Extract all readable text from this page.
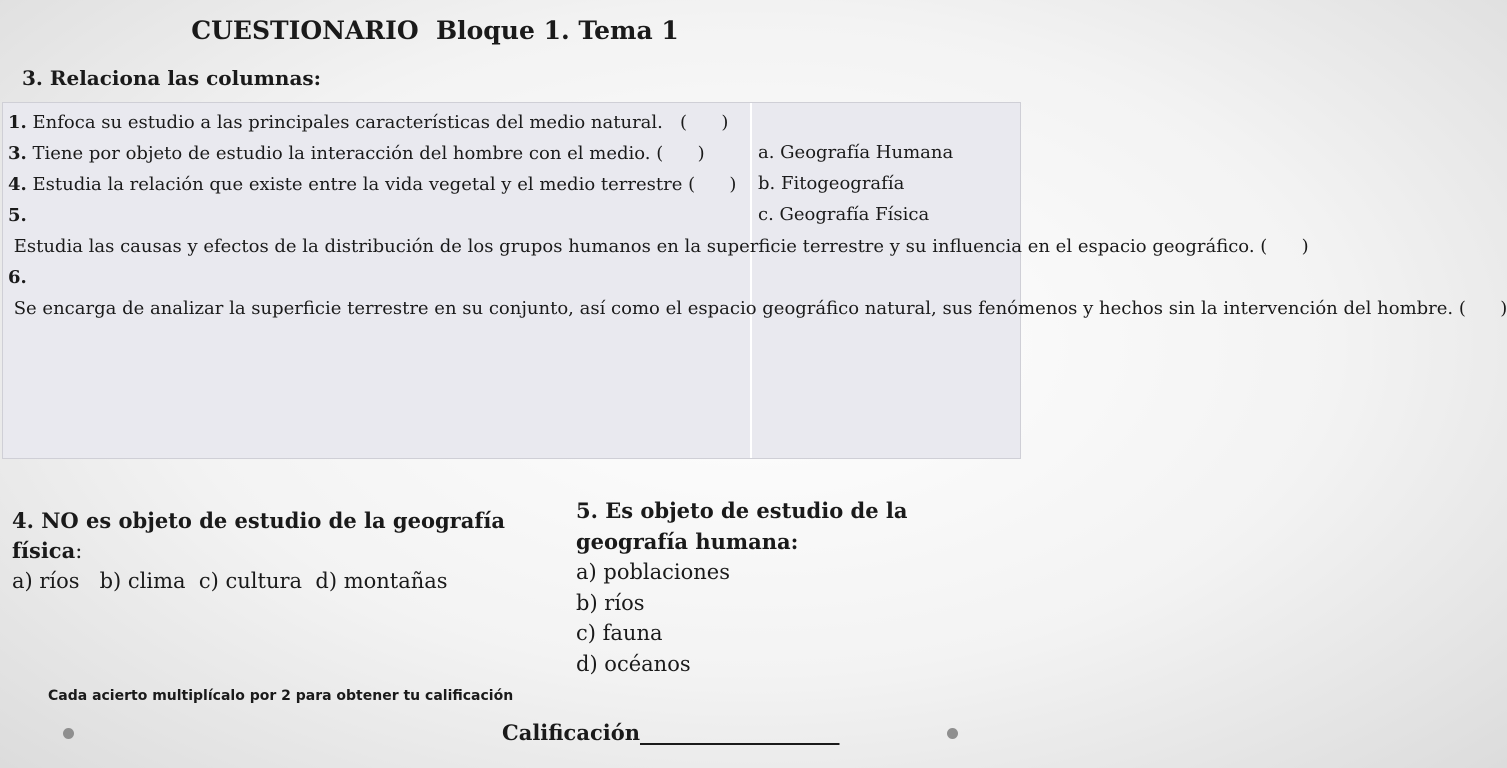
CUESTIONARIO  Bloque 1. Tema 1
3. Relaciona las columnas:
1. Enfoca su estudio a las principales características del medio natural.   (      )
3. Tiene por objeto de estudio la interacción del hombre con el medio. (      )
4. Estudia la relación que existe entre la vida vegetal y el medio terrestre (      )
5. Estudia las causas y efectos de la distribución de los grupos humanos en la superficie terrestre y su influencia en el espacio geográfico. (      )
6. Se encarga de analizar la superficie terrestre en su conjunto, así como el espacio geográfico natural, sus fenómenos y hechos sin la intervención del hombre. (      )
a. Geografía Humana
b. Fitogeografía
c. Geografía Física
4. NO es objeto de estudio de la geografía física:
a) ríos   b) clima  c) cultura  d) montañas
5. Es objeto de estudio de la geografía humana:
a) poblaciones
b) ríos
c) fauna
d) océanos
Cada acierto multiplícalo por 2 para obtener tu calificación
Calificación___________________
